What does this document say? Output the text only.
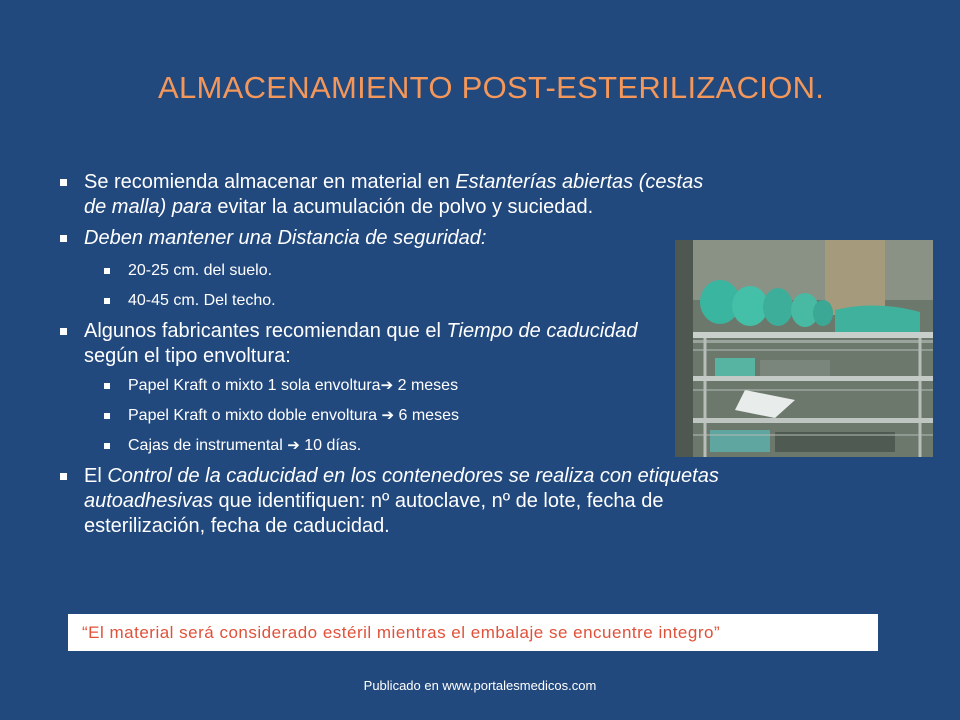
ALMACENAMIENTO POST-ESTERILIZACION.
Se recomienda almacenar en material en Estanterías abiertas (cestas de malla) para evitar la acumulación de polvo y suciedad.
Deben mantener una Distancia de seguridad:
20-25 cm. del suelo.
40-45 cm. Del techo.
Algunos fabricantes recomiendan que el Tiempo de caducidad según el tipo envoltura:
Papel Kraft o mixto 1 sola envoltura➔ 2 meses
Papel Kraft o mixto doble envoltura ➔ 6 meses
Cajas de instrumental ➔ 10 días.
El Control de la caducidad en los contenedores se realiza con etiquetas autoadhesivas que identifiquen: nº autoclave, nº de lote, fecha de esterilización, fecha de caducidad.
“El material será considerado estéril mientras el embalaje se encuentre integro”
Publicado en www.portalesmedicos.com
